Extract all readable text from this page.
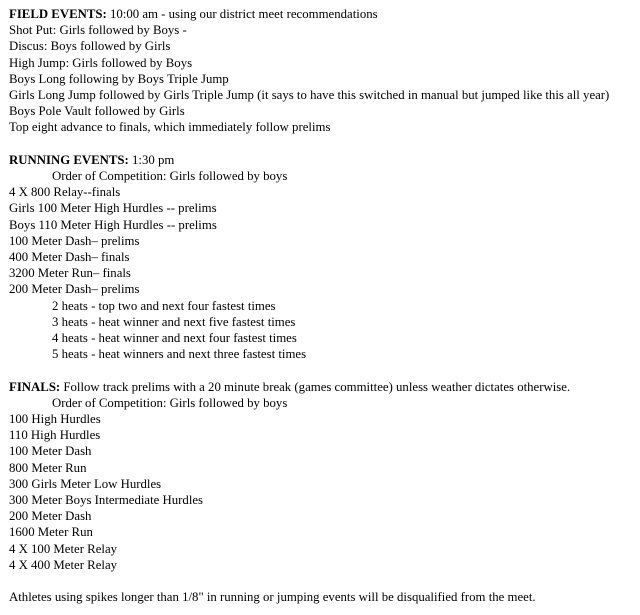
FIELD EVENTS: 10:00 am - using our district meet recommendations

Shot Put: Girls followed by Boys -

Discus: Boys followed by Girls

High Jump: Girls followed by Boys

Boys Long following by Boys Triple Jump

Girls Long Jump followed by Girls Triple Jump (it says to have this switched in manual but jumped like this all year)

Boys Pole Vault followed by Girls

Top eight advance to finals, which immediately follow prelims

RUNNING EVENTS: 1:30 pm

Order of Competition: Girls followed by boys

4 X 800 Relay--finals

Girls 100 Meter High Hurdles -- prelims

Boys 110 Meter High Hurdles -- prelims

100 Meter Dash– prelims

400 Meter Dash– finals

3200 Meter Run– finals

200 Meter Dash– prelims

2 heats - top two and next four fastest times

3 heats - heat winner and next five fastest times

4 heats - heat winner and next four fastest times

5 heats - heat winners and next three fastest times

FINALS: Follow track prelims with a 20 minute break (games committee) unless weather dictates otherwise.

Order of Competition: Girls followed by boys

100 High Hurdles

110 High Hurdles

100 Meter Dash

800 Meter Run

300 Girls Meter Low Hurdles

300 Meter Boys Intermediate Hurdles

200 Meter Dash

1600 Meter Run

4 X 100 Meter Relay

4 X 400 Meter Relay

Athletes using spikes longer than 1/8" in running or jumping events will be disqualified from the meet.
